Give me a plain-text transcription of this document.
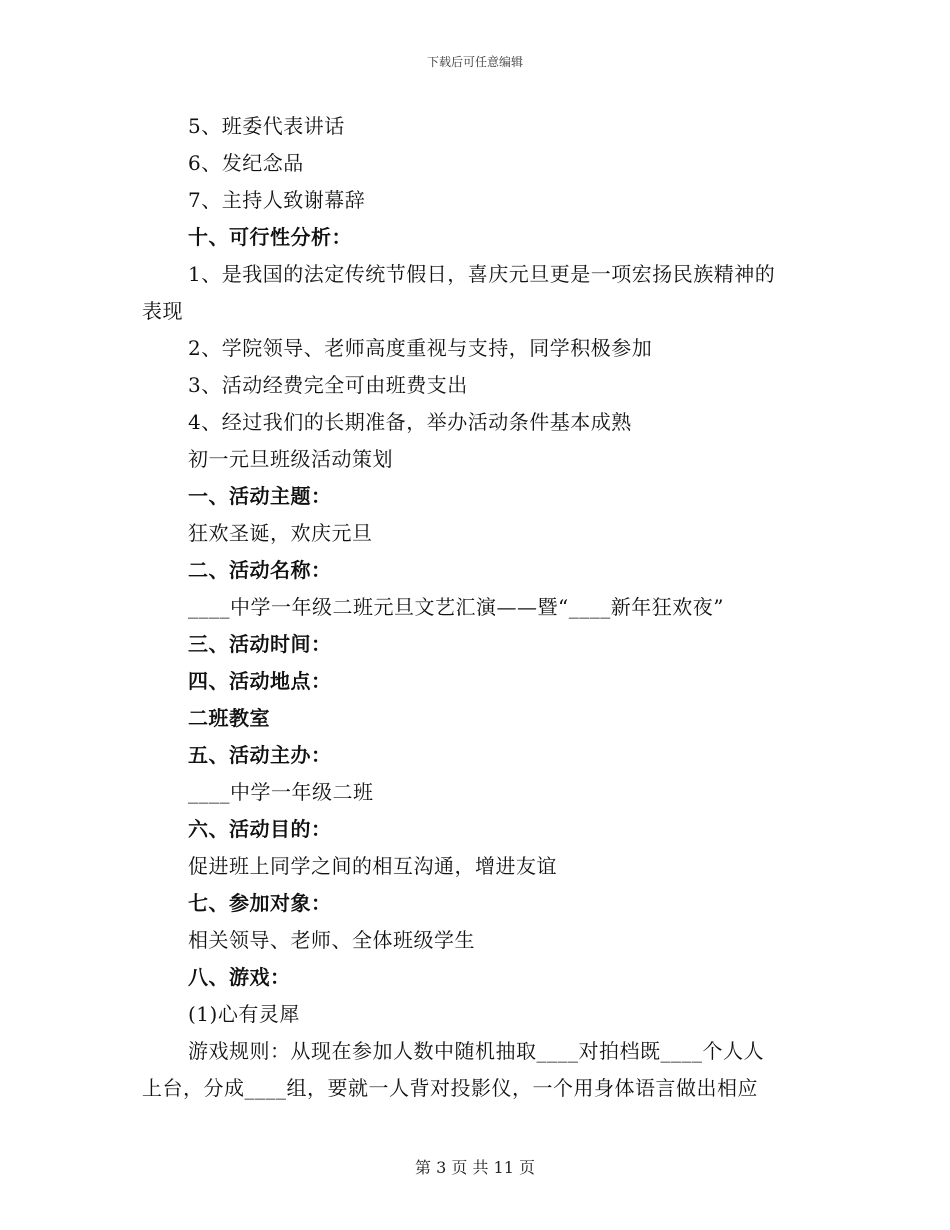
下载后可任意编辑
5、班委代表讲话
6、发纪念品
7、主持人致谢幕辞
十、可行性分析：
1、是我国的法定传统节假日，喜庆元旦更是一项宏扬民族精神的
表现
2、学院领导、老师高度重视与支持，同学积极参加
3、活动经费完全可由班费支出
4、经过我们的长期准备，举办活动条件基本成熟
初一元旦班级活动策划
一、活动主题：
狂欢圣诞，欢庆元旦
二、活动名称：
____中学一年级二班元旦文艺汇演——暨“____新年狂欢夜”
三、活动时间：
四、活动地点：
二班教室
五、活动主办：
____中学一年级二班
六、活动目的：
促进班上同学之间的相互沟通，增进友谊
七、参加对象：
相关领导、老师、全体班级学生
八、游戏：
(1)心有灵犀
游戏规则：从现在参加人数中随机抽取____对拍档既____个人人
上台，分成____组，要就一人背对投影仪，一个用身体语言做出相应
第 3 页 共 11 页
